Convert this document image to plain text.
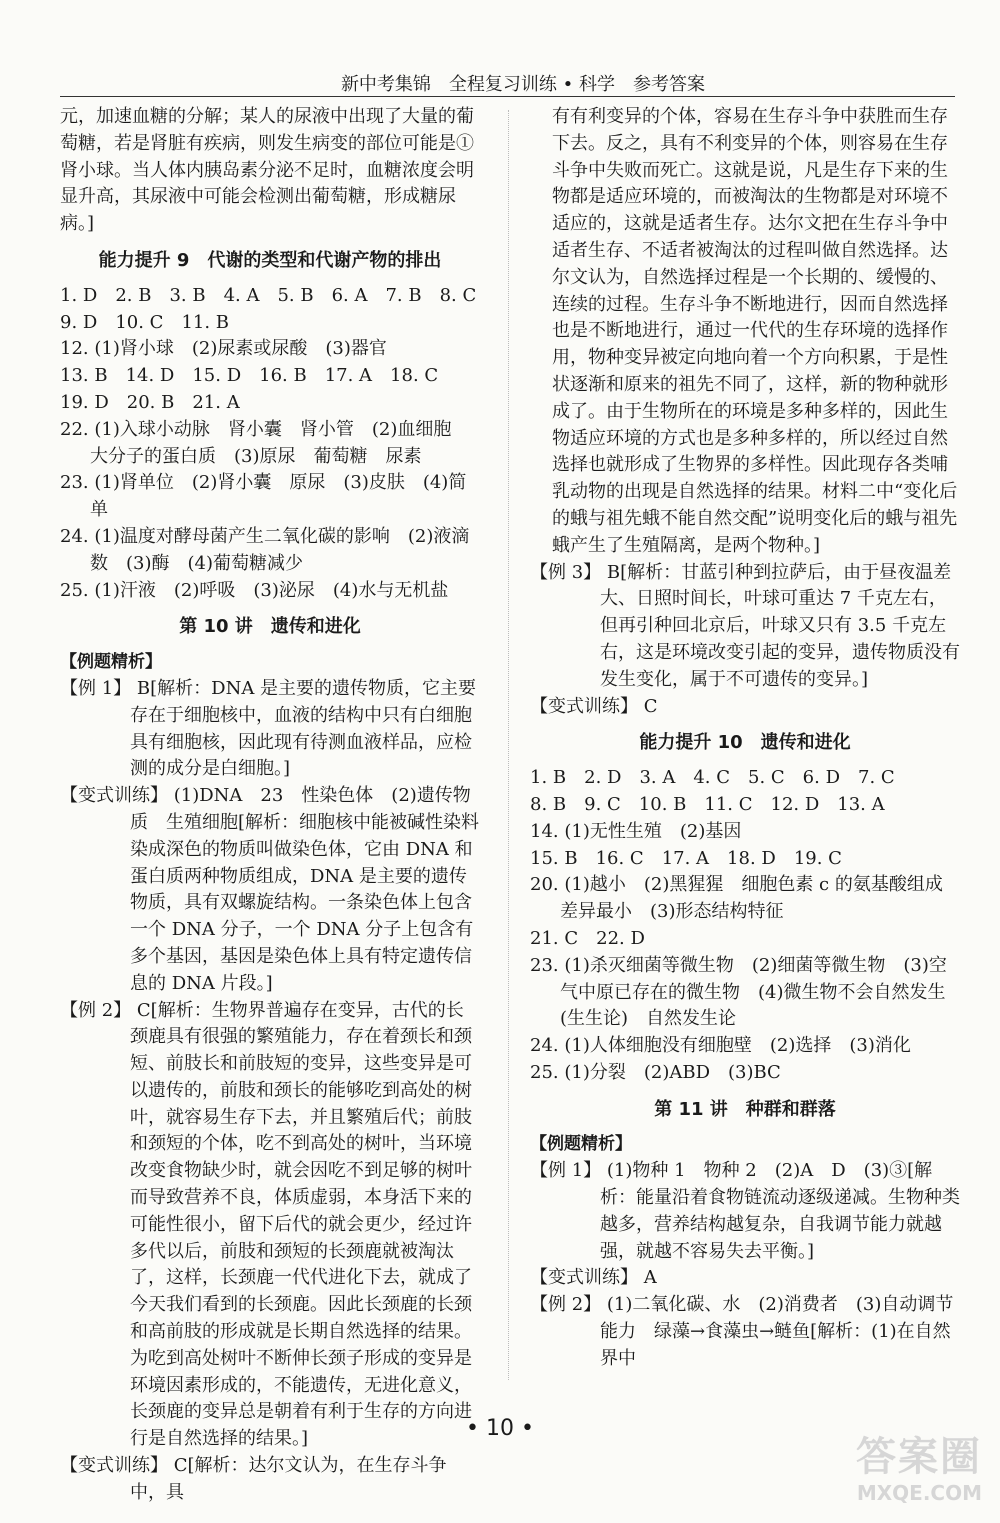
新中考集锦　全程复习训练 • 科学　参考答案

元，加速血糖的分解；某人的尿液中出现了大量的葡萄糖，若是肾脏有疾病，则发生病变的部位可能是①肾小球。当人体内胰岛素分泌不足时，血糖浓度会明显升高，其尿液中可能会检测出葡萄糖，形成糖尿病。]

能力提升 9　代谢的类型和代谢产物的排出

1. D　2. B　3. B　4. A　5. B　6. A　7. B　8. C

9. D　10. C　11. B

12. (1)肾小球　(2)尿素或尿酸　(3)器官

13. B　14. D　15. D　16. B　17. A　18. C

19. D　20. B　21. A

22. (1)入球小动脉　肾小囊　肾小管　(2)血细胞　大分子的蛋白质　(3)原尿　葡萄糖　尿素

23. (1)肾单位　(2)肾小囊　原尿　(3)皮肤　(4)简单

24. (1)温度对酵母菌产生二氧化碳的影响　(2)液滴数　(3)酶　(4)葡萄糖减少

25. (1)汗液　(2)呼吸　(3)泌尿　(4)水与无机盐

第 10 讲　遗传和进化

【例题精析】

【例 1】 B[解析：DNA 是主要的遗传物质，它主要存在于细胞核中，血液的结构中只有白细胞具有细胞核，因此现有待测血液样品，应检测的成分是白细胞。]

【变式训练】 (1)DNA　23　性染色体　(2)遗传物质　生殖细胞[解析：细胞核中能被碱性染料染成深色的物质叫做染色体，它由 DNA 和蛋白质两种物质组成，DNA 是主要的遗传物质，具有双螺旋结构。一条染色体上包含一个 DNA 分子，一个 DNA 分子上包含有多个基因，基因是染色体上具有特定遗传信息的 DNA 片段。]

【例 2】 C[解析：生物界普遍存在变异，古代的长颈鹿具有很强的繁殖能力，存在着颈长和颈短、前肢长和前肢短的变异，这些变异是可以遗传的，前肢和颈长的能够吃到高处的树叶，就容易生存下去，并且繁殖后代；前肢和颈短的个体，吃不到高处的树叶，当环境改变食物缺少时，就会因吃不到足够的树叶而导致营养不良，体质虚弱，本身活下来的可能性很小，留下后代的就会更少，经过许多代以后，前肢和颈短的长颈鹿就被淘汰了，这样，长颈鹿一代代进化下去，就成了今天我们看到的长颈鹿。因此长颈鹿的长颈和高前肢的形成就是长期自然选择的结果。为吃到高处树叶不断伸长颈子形成的变异是环境因素形成的，不能遗传，无进化意义，长颈鹿的变异总是朝着有利于生存的方向进行是自然选择的结果。]

【变式训练】 C[解析：达尔文认为，在生存斗争中，具

有有利变异的个体，容易在生存斗争中获胜而生存下去。反之，具有不利变异的个体，则容易在生存斗争中失败而死亡。这就是说，凡是生存下来的生物都是适应环境的，而被淘汰的生物都是对环境不适应的，这就是适者生存。达尔文把在生存斗争中适者生存、不适者被淘汰的过程叫做自然选择。达尔文认为，自然选择过程是一个长期的、缓慢的、连续的过程。生存斗争不断地进行，因而自然选择也是不断地进行，通过一代代的生存环境的选择作用，物种变异被定向地向着一个方向积累，于是性状逐渐和原来的祖先不同了，这样，新的物种就形成了。由于生物所在的环境是多种多样的，因此生物适应环境的方式也是多种多样的，所以经过自然选择也就形成了生物界的多样性。因此现存各类哺乳动物的出现是自然选择的结果。材料二中“变化后的蛾与祖先蛾不能自然交配”说明变化后的蛾与祖先蛾产生了生殖隔离，是两个物种。]

【例 3】 B[解析：甘蓝引种到拉萨后，由于昼夜温差大、日照时间长，叶球可重达 7 千克左右，但再引种回北京后，叶球又只有 3.5 千克左右，这是环境改变引起的变异，遗传物质没有发生变化，属于不可遗传的变异。]

【变式训练】 C

能力提升 10　遗传和进化

1. B　2. D　3. A　4. C　5. C　6. D　7. C

8. B　9. C　10. B　11. C　12. D　13. A

14. (1)无性生殖　(2)基因

15. B　16. C　17. A　18. D　19. C

20. (1)越小　(2)黑猩猩　细胞色素 c 的氨基酸组成差异最小　(3)形态结构特征

21. C　22. D

23. (1)杀灭细菌等微生物　(2)细菌等微生物　(3)空气中原已存在的微生物　(4)微生物不会自然发生(生生论)　自然发生论

24. (1)人体细胞没有细胞壁　(2)选择　(3)消化

25. (1)分裂　(2)ABD　(3)BC

第 11 讲　种群和群落

【例题精析】

【例 1】 (1)物种 1　物种 2　(2)A　D　(3)③[解析：能量沿着食物链流动逐级递减。生物种类越多，营养结构越复杂，自我调节能力就越强，就越不容易失去平衡。]

【变式训练】 A

【例 2】 (1)二氧化碳、水　(2)消费者　(3)自动调节能力　绿藻→食藻虫→鲢鱼[解析：(1)在自然界中

• 10 •
答案圈
MXQE.COM
